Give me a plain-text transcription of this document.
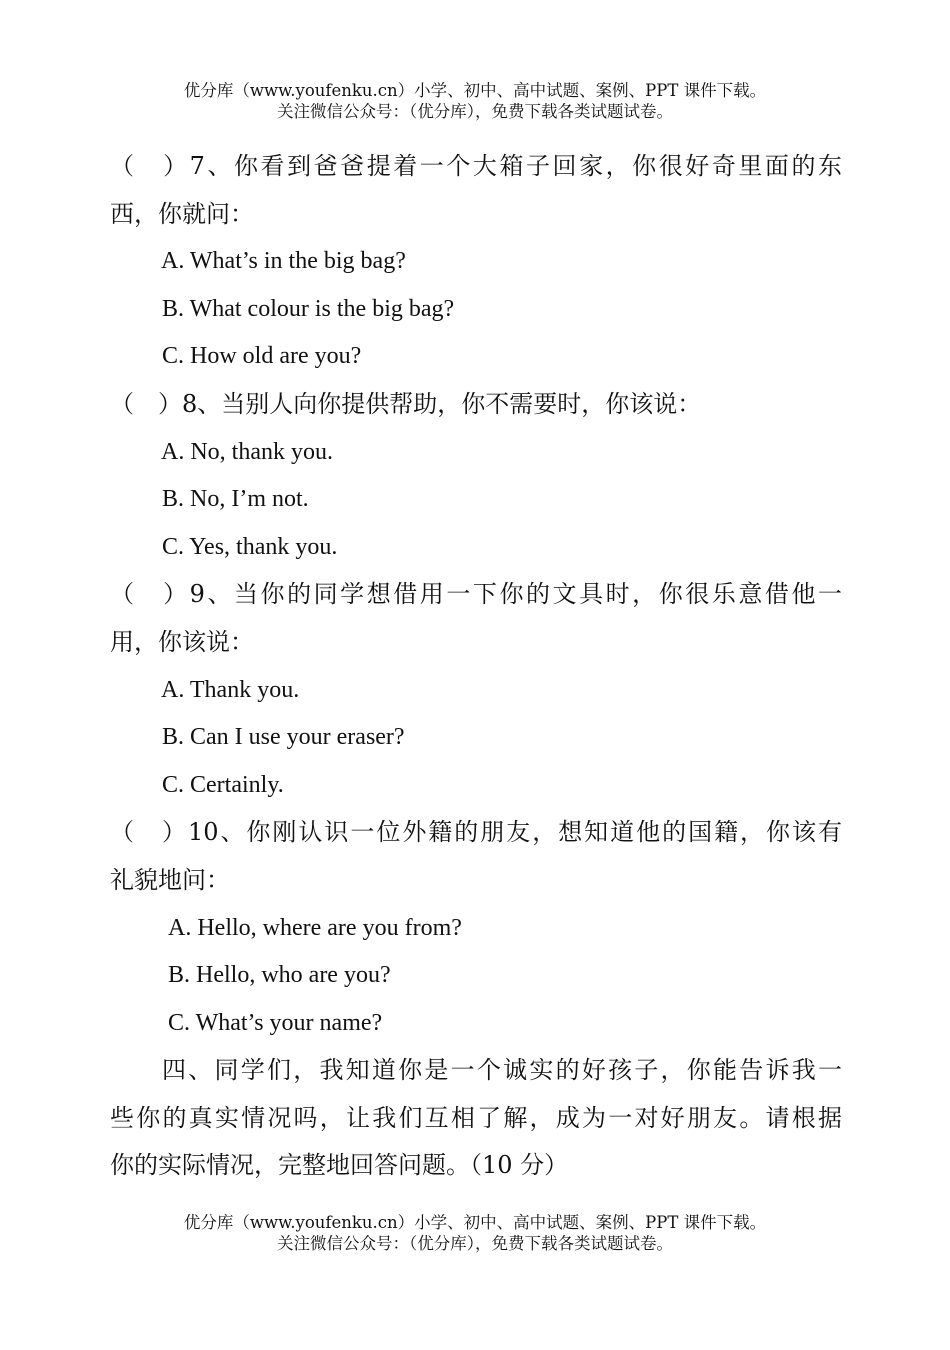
优分库（www.youfenku.cn）小学、初中、高中试题、案例、PPT 课件下载。
关注微信公众号：（优分库），免费下载各类试题试卷。
（　）7、你看到爸爸提着一个大箱子回家，你很好奇里面的东
西，你就问：
A. What’s in the big bag?
B. What colour is the big bag?
C. How old are you?
（　）8、当别人向你提供帮助，你不需要时，你该说：
A. No, thank you.
B. No, I’m not.
C. Yes, thank you.
（　）9、当你的同学想借用一下你的文具时，你很乐意借他一
用，你该说：
A. Thank you.
B. Can I use your eraser?
C. Certainly.
（　）10、你刚认识一位外籍的朋友，想知道他的国籍，你该有
礼貌地问：
A. Hello, where are you from?
B. Hello, who are you?
C. What’s your name?
四、同学们，我知道你是一个诚实的好孩子，你能告诉我一
些你的真实情况吗，让我们互相了解，成为一对好朋友。请根据
你的实际情况，完整地回答问题。（10 分）
优分库（www.youfenku.cn）小学、初中、高中试题、案例、PPT 课件下载。
关注微信公众号：（优分库），免费下载各类试题试卷。
